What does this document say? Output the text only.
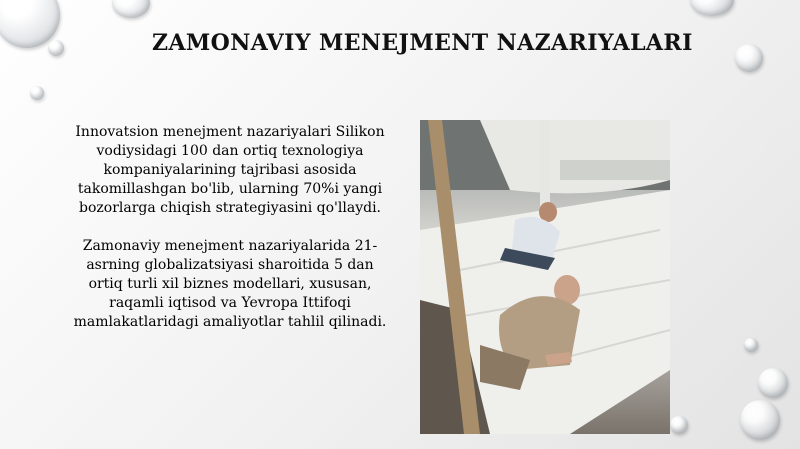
ZAMONAVIY MENEJMENT NAZARIYALARI

Innovatsion menejment nazariyalari Silikon vodiysidagi 100 dan ortiq texnologiya kompaniyalarining tajribasi asosida takomillashgan bo'lib, ularning 70%i yangi bozorlarga chiqish strategiyasini qo'llaydi.

Zamonaviy menejment nazariyalarida 21-asrning globalizatsiyasi sharoitida 5 dan ortiq turli xil biznes modellari, xususan, raqamli iqtisod va Yevropa Ittifoqi mamlakatlaridagi amaliyotlar tahlil qilinadi.
